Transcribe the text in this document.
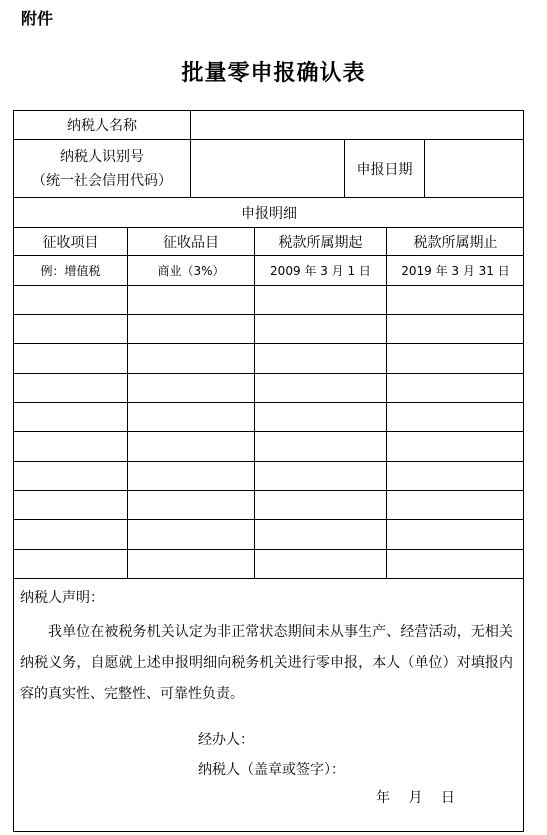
附件
批量零申报确认表
纳税人名称
纳税人识别号
（统一社会信用代码）
申报日期
申报明细
征收项目	征收品目	税款所属期起	税款所属期止
例：增值税	商业（3%）	2009 年 3 月 1 日	2019 年 3 月 31 日
纳税人声明：
我单位在被税务机关认定为非正常状态期间未从事生产、经营活动，无相关纳税义务，自愿就上述申报明细向税务机关进行零申报，本人（单位）对填报内容的真实性、完整性、可靠性负责。
经办人：
纳税人（盖章或签字）：
年　 月　 日
